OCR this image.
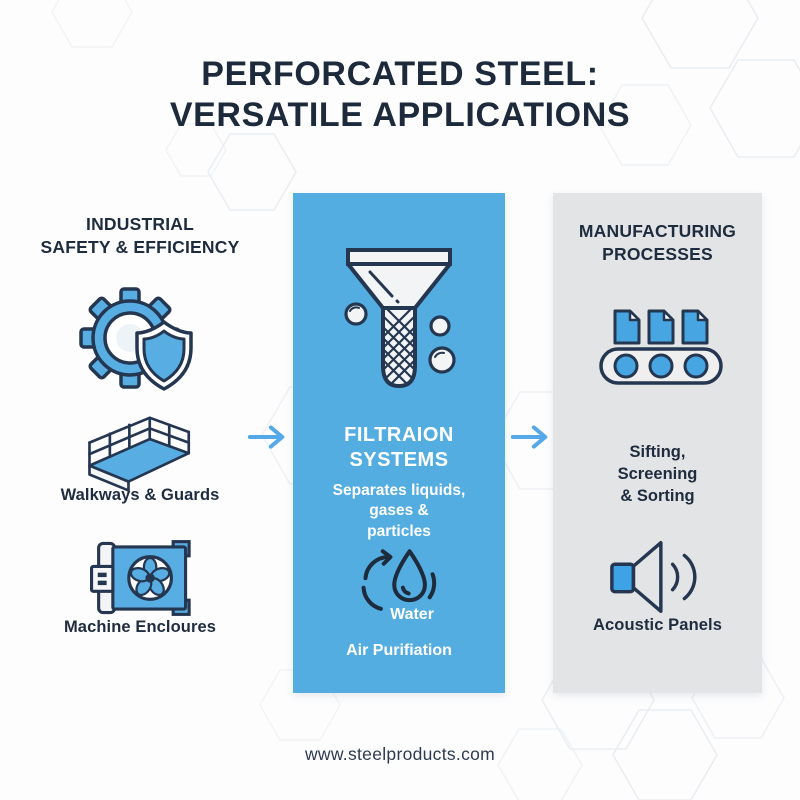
PERFORCATED STEEL:
VERSATILE APPLICATIONS
INDUSTRIAL
SAFETY & EFFICIENCY
Walkways & Guards
Machine Encloures
FILTRAION
SYSTEMS
Separates liquids,
gases &
particles
Water
Air Purifiation
MANUFACTURING
PROCESSES
Sifting,
Screening
& Sorting
Acoustic Panels
www.steelproducts.com
